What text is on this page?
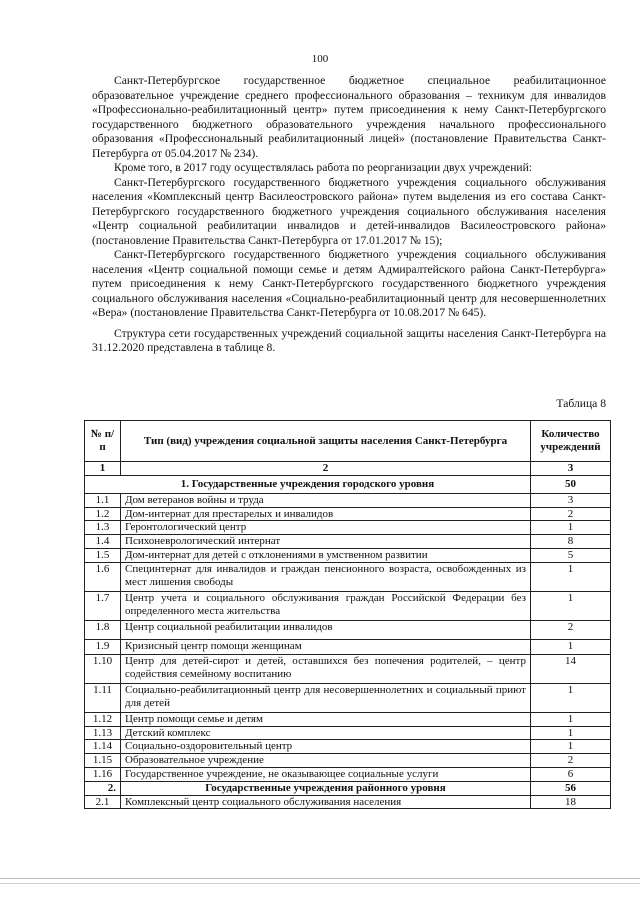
100

Санкт-Петербургское государственное бюджетное специальное реабилитационное образовательное учреждение среднего профессионального образования – техникум для инвалидов «Профессионально-реабилитационный центр» путем присоединения к нему Санкт-Петербургского государственного бюджетного образовательного учреждения начального профессионального образования «Профессиональный реабилитационный лицей» (постановление Правительства Санкт-Петербурга от 05.04.2017 № 234).

Кроме того, в 2017 году осуществлялась работа по реорганизации двух учреждений:

Санкт-Петербургского государственного бюджетного учреждения социального обслуживания населения «Комплексный центр Василеостровского района» путем выделения из его состава Санкт-Петербургского государственного бюджетного учреждения социального обслуживания населения «Центр социальной реабилитации инвалидов и детей-инвалидов Василеостровского района» (постановление Правительства Санкт-Петербурга от 17.01.2017 № 15);

Санкт-Петербургского государственного бюджетного учреждения социального обслуживания населения «Центр социальной помощи семье и детям Адмиралтейского района Санкт-Петербурга» путем присоединения к нему Санкт-Петербургского государственного бюджетного учреждения социального обслуживания населения «Социально-реабилитационный центр для несовершеннолетних «Вера» (постановление Правительства Санкт-Петербурга от 10.08.2017 № 645).

Структура сети государственных учреждений социальной защиты населения Санкт-Петербурга на 31.12.2020 представлена в таблице 8.

Таблица 8
№ п/п	Тип (вид) учреждения социальной защиты населения Санкт-Петербурга	Количество учреждений
1	2	3
1. Государственные учреждения городского уровня		50
1.1	Дом ветеранов войны и труда	3
1.2	Дом-интернат для престарелых и инвалидов	2
1.3	Геронтологический центр	1
1.4	Психоневрологический интернат	8
1.5	Дом-интернат для детей с отклонениями в умственном развитии	5
1.6	Специнтернат для инвалидов и граждан пенсионного возраста, освобожденных из мест лишения свободы	1
1.7	Центр учета и социального обслуживания граждан Российской Федерации без определенного места жительства	1
1.8	Центр социальной реабилитации инвалидов	2
1.9	Кризисный центр помощи женщинам	1
1.10	Центр для детей-сирот и детей, оставшихся без попечения родителей, – центр содействия семейному воспитанию	14
1.11	Социально-реабилитационный центр для несовершеннолетних и социальный приют для детей	1
1.12	Центр помощи семье и детям	1
1.13	Детский комплекс	1
1.14	Социально-оздоровительный центр	1
1.15	Образовательное учреждение	2
1.16	Государственное учреждение, не оказывающее социальные услуги	6
2.	Государственные учреждения районного уровня	56
2.1	Комплексный центр социального обслуживания населения	18
